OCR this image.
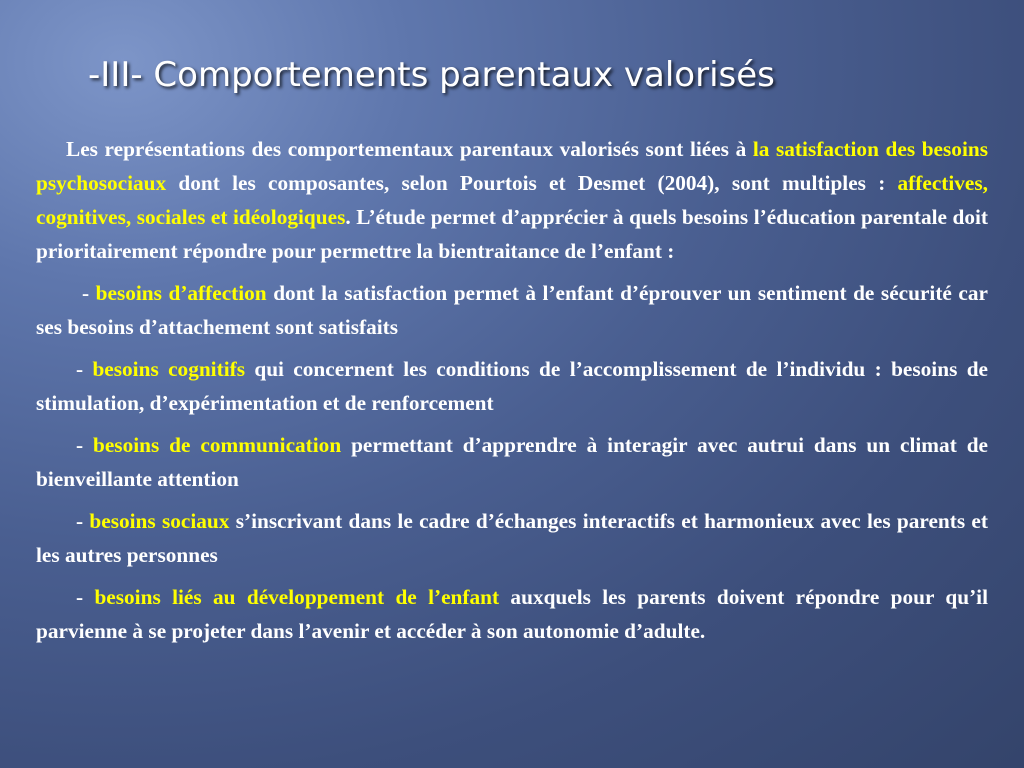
-III- Comportements parentaux valorisés

Les représentations des comportementaux parentaux valorisés sont liées à la satisfaction des besoins psychosociaux dont les composantes, selon Pourtois et Desmet (2004), sont multiples : affectives, cognitives, sociales et idéologiques. L’étude permet d’apprécier à quels besoins l’éducation parentale doit prioritairement répondre pour permettre la bientraitance de l’enfant :

- besoins d’affection dont la satisfaction permet à l’enfant d’éprouver un sentiment de sécurité car ses besoins d’attachement sont satisfaits

- besoins cognitifs qui concernent les conditions de l’accomplissement de l’individu : besoins de stimulation, d’expérimentation et de renforcement

- besoins de communication permettant d’apprendre à interagir avec autrui dans un climat de bienveillante attention

- besoins sociaux s’inscrivant dans le cadre d’échanges interactifs et harmonieux avec les parents et les autres personnes

- besoins liés au développement de l’enfant auxquels les parents doivent répondre pour qu’il parvienne à se projeter dans l’avenir et accéder à son autonomie d’adulte.
